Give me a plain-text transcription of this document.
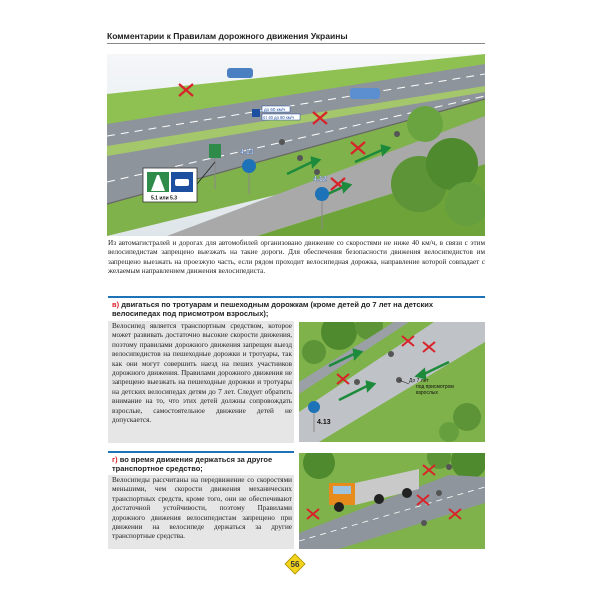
Комментарии к Правилам дорожного движения Украины
до 60 км/ч
от 40 до 60 км/ч
4.13
4.12
5.1 или 5.3
Из автомагистралей и дорогах для автомобилей организовано движение со скоростями не ниже 40 км/ч, в связи с этим велосипедистам запрещено выезжать на такие дороги. Для обеспечения безопасности движения велосипедистов им запрещено выезжать на проезжую часть, если рядом проходит велосипедная дорожка, направление которой совпадает с желаемым направлением движения велосипедиста.
в) двигаться по тротуарам и пешеходным дорожкам (кроме детей до 7 лет на детских велосипедах под присмотром взрослых);
Велосипед является транспортным средством, которое может развивать достаточно высокие скорости движения, поэтому правилами дорожного движения запрещен выезд велосипедистов на пешеходные дорожки и тротуары, так как они могут совершить наезд на пеших участников дорожного движения. Правилами дорожного движения не запрещено выезжать на пешеходные дорожки и тротуары на детских велосипедах детям до 7 лет. Следует обратить внимание на то, что этих детей должны сопровождать взрослые, самостоятельное движение детей не допускается.	4.13
До 7 лет
под присмотром
взрослых
г) во время движения держаться за другое транспортное средство;
Велосипеды рассчитаны на передвижение со скоростями меньшими, чем скорости движения механических транспортных средств, кроме того, они не обеспечивают достаточной устойчивости, поэтому Правилами дорожного движения велосипедистам запрещено при движении на велосипеде держаться за другие транспортные средства.
56
